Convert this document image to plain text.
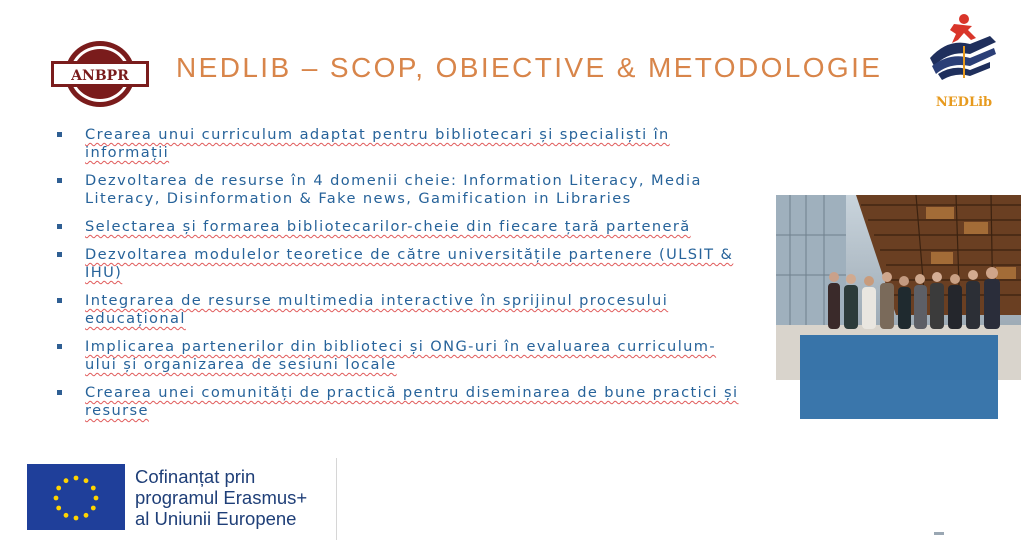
ANBPR NEDLIB – SCOP, OBIECTIVE & METODOLOGIE
NEDLib
Crearea unui curriculum adaptat pentru bibliotecari și specialiști în informații
Dezvoltarea de resurse în 4 domenii cheie: Information Literacy, Media Literacy, Disinformation & Fake news, Gamification in Libraries
Selectarea și formarea bibliotecarilor-cheie din fiecare țară parteneră
Dezvoltarea modulelor teoretice de către universitățile partenere (ULSIT & IHU)
Integrarea de resurse multimedia interactive în sprijinul procesului educațional
Implicarea partenerilor din biblioteci și ONG-uri în evaluarea curriculum-ului și organizarea de sesiuni locale
Crearea unei comunități de practică pentru diseminarea de bune practici și resurse
Cofinanțat prin
programul Erasmus+
al Uniunii Europene
